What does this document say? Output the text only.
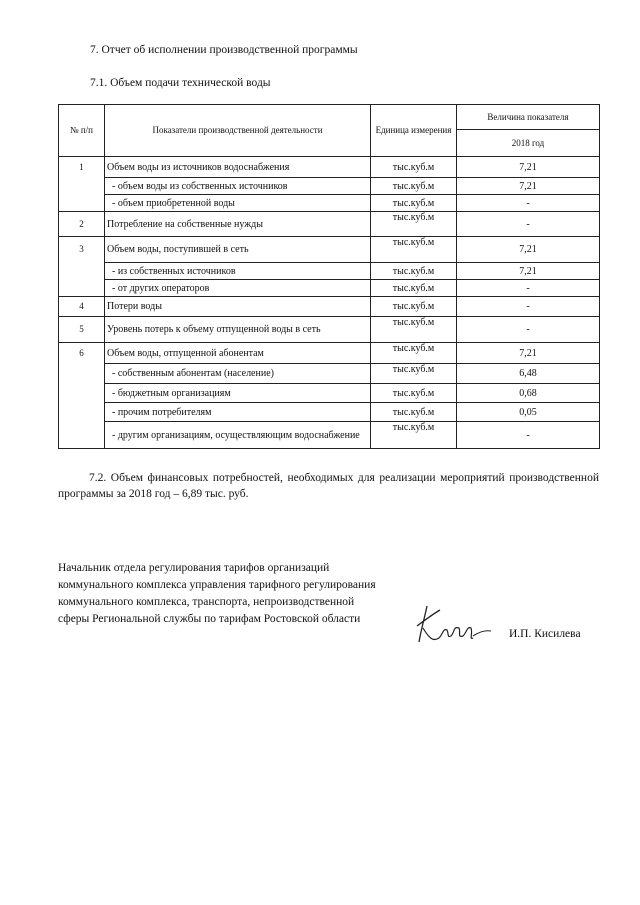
7. Отчет об исполнении производственной программы
7.1. Объем подачи технической воды
№ п/п	Показатели производственной деятельности	Единица измерения	Величина показателя
			2018 год
1	Объем воды из источников водоснабжения	тыс.куб.м	7,21
	- объем воды из собственных источников	тыс.куб.м	7,21
	- объем приобретенной воды	тыс.куб.м	-
2	Потребление на собственные нужды	тыс.куб.м	-
3	Объем воды, поступившей в сеть	тыс.куб.м	7,21
	- из собственных источников	тыс.куб.м	7,21
	- от других операторов	тыс.куб.м	-
4	Потери воды	тыс.куб.м	-
5	Уровень потерь к объему отпущенной воды в сеть	тыс.куб.м	-
6	Объем воды, отпущенной абонентам	тыс.куб.м	7,21
	- собственным абонентам (население)	тыс.куб.м	6,48
	- бюджетным организациям	тыс.куб.м	0,68
	- прочим потребителям	тыс.куб.м	0,05
	- другим организациям, осуществляющим водоснабжение	тыс.куб.м	-
7.2. Объем финансовых потребностей, необходимых для реализации мероприятий производственной программы за 2018 год – 6,89 тыс. руб.
Начальник отдела регулирования тарифов организаций коммунального комплекса управления тарифного регулирования коммунального комплекса, транспорта, непроизводственной сферы Региональной службы по тарифам Ростовской области
И.П. Кисилева
